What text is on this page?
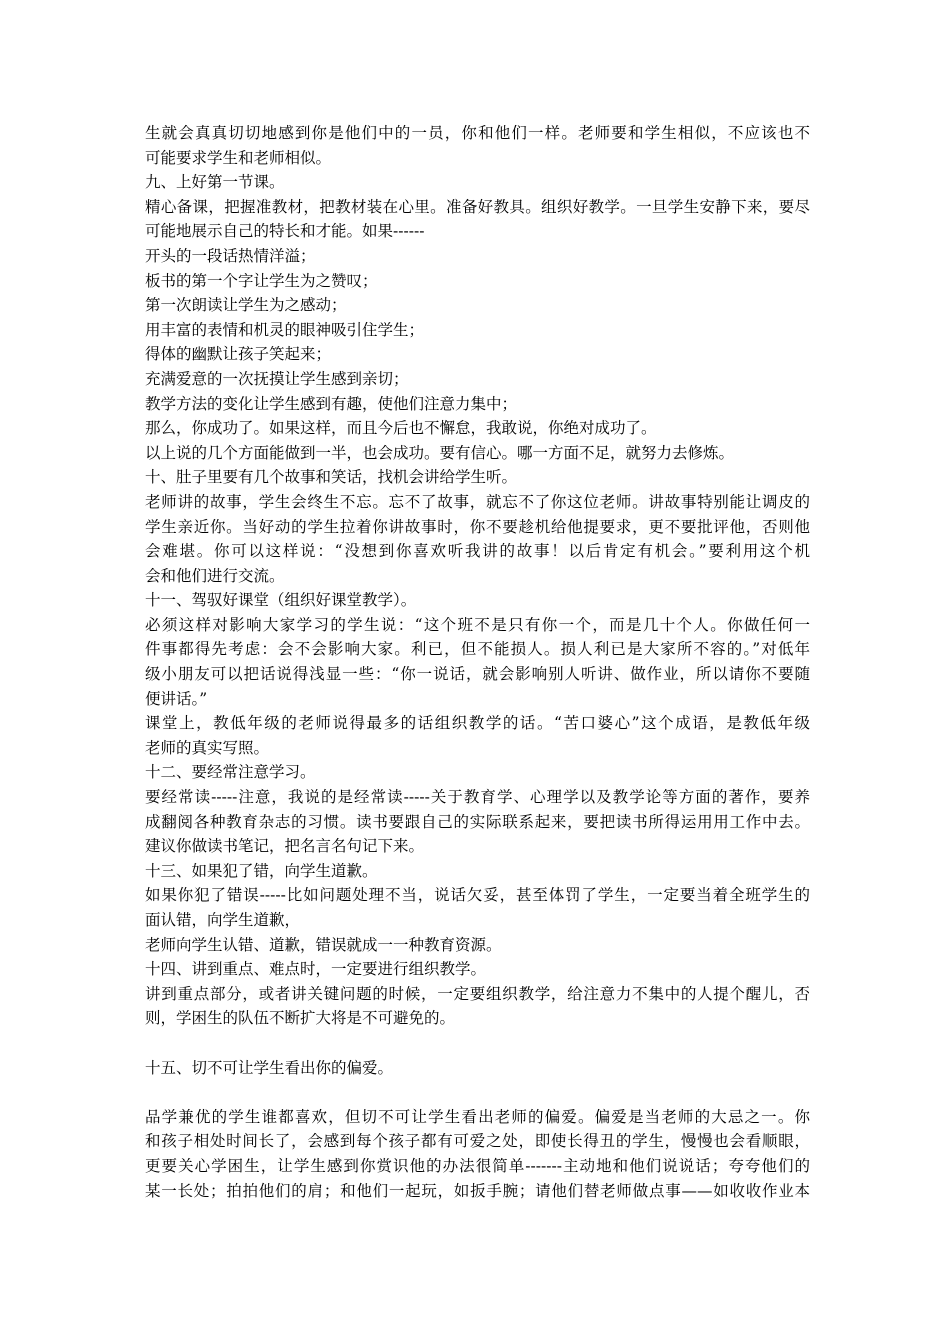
生就会真真切切地感到你是他们中的一员，你和他们一样。老师要和学生相似，不应该也不
可能要求学生和老师相似。
九、上好第一节课。
精心备课，把握准教材，把教材装在心里。准备好教具。组织好教学。一旦学生安静下来，要尽
可能地展示自己的特长和才能。如果------
开头的一段话热情洋溢；
板书的第一个字让学生为之赞叹；
第一次朗读让学生为之感动；
用丰富的表情和机灵的眼神吸引住学生；
得体的幽默让孩子笑起来；
充满爱意的一次抚摸让学生感到亲切；
教学方法的变化让学生感到有趣，使他们注意力集中；
那么，你成功了。如果这样，而且今后也不懈怠，我敢说，你绝对成功了。
以上说的几个方面能做到一半，也会成功。要有信心。哪一方面不足，就努力去修炼。
十、肚子里要有几个故事和笑话，找机会讲给学生听。
老师讲的故事，学生会终生不忘。忘不了故事，就忘不了你这位老师。讲故事特别能让调皮的
学生亲近你。当好动的学生拉着你讲故事时，你不要趁机给他提要求，更不要批评他，否则他
会难堪。你可以这样说：“没想到你喜欢听我讲的故事！以后肯定有机会。”要利用这个机
会和他们进行交流。
十一、驾驭好课堂（组织好课堂教学）。
必须这样对影响大家学习的学生说：“这个班不是只有你一个，而是几十个人。你做任何一
件事都得先考虑：会不会影响大家。利已，但不能损人。损人利已是大家所不容的。”对低年
级小朋友可以把话说得浅显一些：“你一说话，就会影响别人听讲、做作业，所以请你不要随
便讲话。”
课堂上，教低年级的老师说得最多的话组织教学的话。“苦口婆心”这个成语，是教低年级
老师的真实写照。
十二、要经常注意学习。
要经常读-----注意，我说的是经常读-----关于教育学、心理学以及教学论等方面的著作，要养
成翻阅各种教育杂志的习惯。读书要跟自己的实际联系起来，要把读书所得运用用工作中去。
建议你做读书笔记，把名言名句记下来。
十三、如果犯了错，向学生道歉。
如果你犯了错误-----比如问题处理不当，说话欠妥，甚至体罚了学生，一定要当着全班学生的
面认错，向学生道歉，
老师向学生认错、道歉，错误就成一一种教育资源。
十四、讲到重点、难点时，一定要进行组织教学。
讲到重点部分，或者讲关键问题的时候，一定要组织教学，给注意力不集中的人提个醒儿，否
则，学困生的队伍不断扩大将是不可避免的。
十五、切不可让学生看出你的偏爱。
品学兼优的学生谁都喜欢，但切不可让学生看出老师的偏爱。偏爱是当老师的大忌之一。你
和孩子相处时间长了，会感到每个孩子都有可爱之处，即使长得丑的学生，慢慢也会看顺眼，
更要关心学困生，让学生感到你赏识他的办法很简单-------主动地和他们说说话；夸夸他们的
某一长处；拍拍他们的肩；和他们一起玩，如扳手腕；请他们替老师做点事——如收收作业本
